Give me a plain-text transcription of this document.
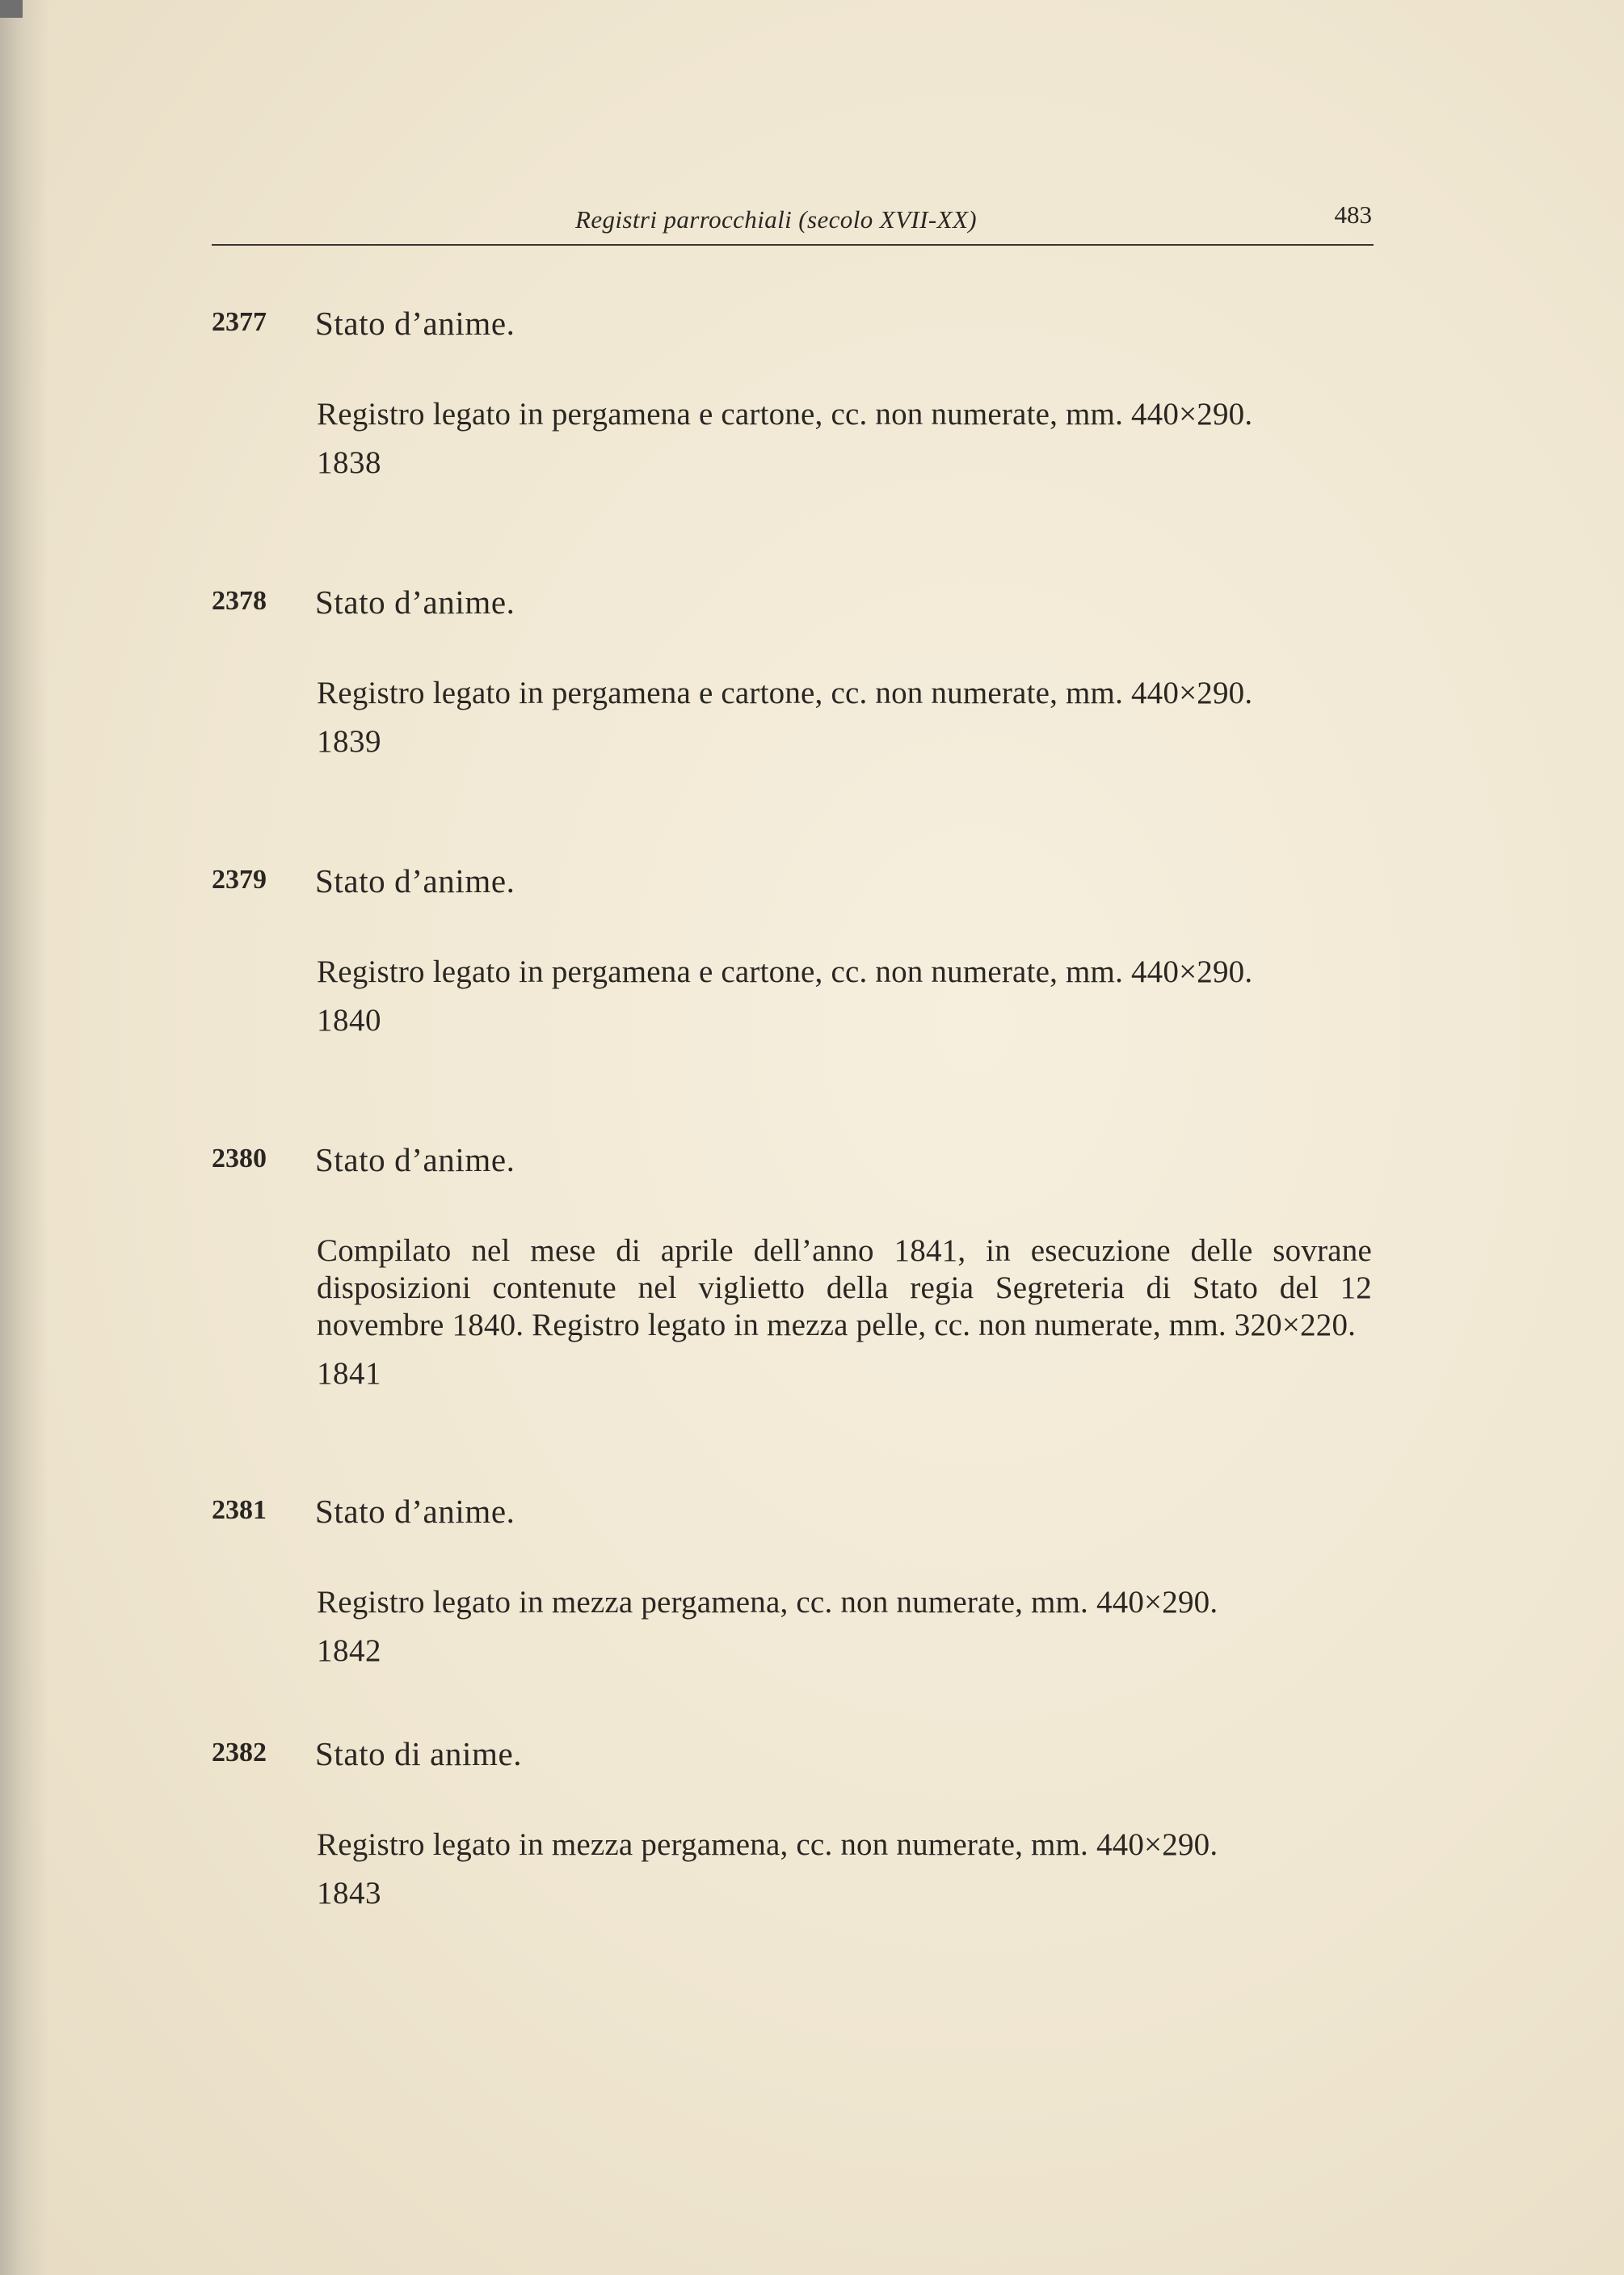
Registri parrocchiali (secolo XVII-XX)	483
2377 Stato d’anime.
Registro legato in pergamena e cartone, cc. non numerate, mm. 440×290.
1838
2378 Stato d’anime.
Registro legato in pergamena e cartone, cc. non numerate, mm. 440×290.
1839
2379 Stato d’anime.
Registro legato in pergamena e cartone, cc. non numerate, mm. 440×290.
1840
2380 Stato d’anime.
Compilato nel mese di aprile dell’anno 1841, in esecuzione delle sovrane disposizioni contenute nel viglietto della regia Segreteria di Stato del 12 novembre 1840. Registro legato in mezza pelle, cc. non numerate, mm. 320×220.
1841
2381 Stato d’anime.
Registro legato in mezza pergamena, cc. non numerate, mm. 440×290.
1842
2382 Stato di anime.
Registro legato in mezza pergamena, cc. non numerate, mm. 440×290.
1843
